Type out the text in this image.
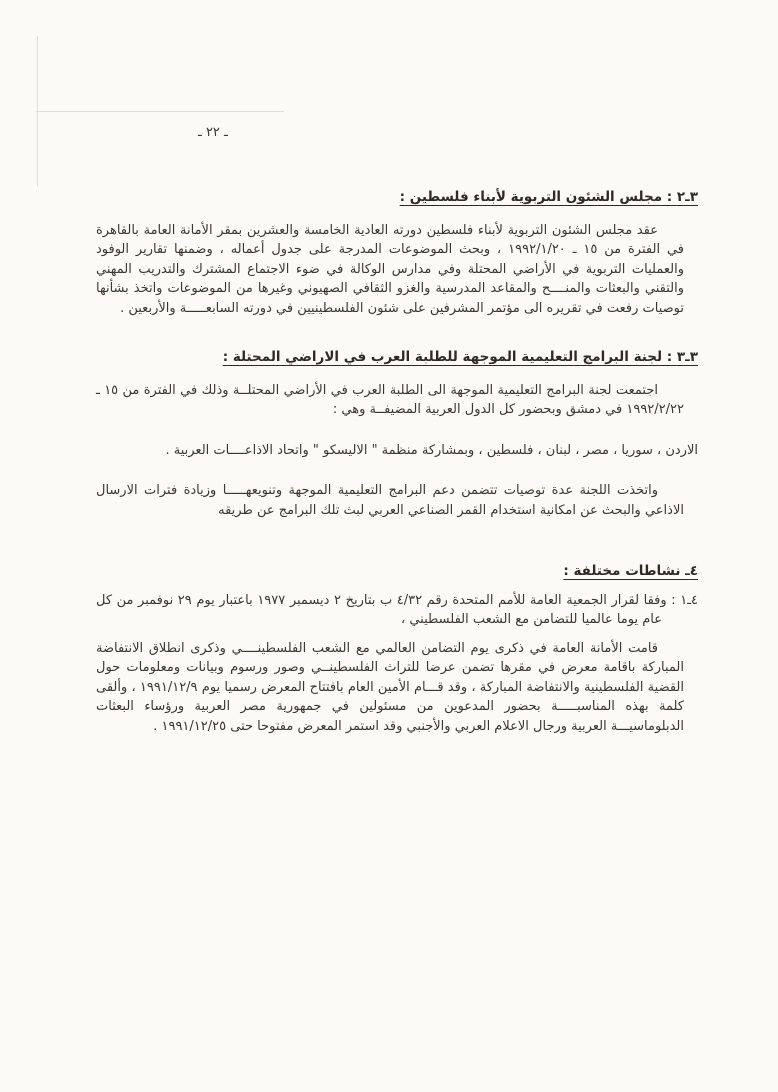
ـ ٢٢ ـ
٣ـ٢ : مجلس الشئون التربوية لأبناء فلسطين :

عقد مجلس الشئون التربوية لأبناء فلسطين دورته العادية الخامسة والعشرين بمقر الأمانة العامة بالقاهرة في الفترة من ١٥ ـ ١٩٩٢/١/٢٠ ، وبحث الموضوعات المدرجة على جدول أعماله ، وضمنها تقارير الوفود والعمليات التربوية في الأراضي المحتلة وفي مدارس الوكالة في ضوء الاجتماع المشترك والتدريب المهني والتقني والبعثات والمنــــح والمقاعد المدرسية والغزو الثقافي الصهيوني وغيرها من الموضوعات واتخذ بشأنها توصيات رفعت في تقريره الى مؤتمر المشرفين على شئون الفلسطينيين في دورته السابعـــــة والأربعين .

٣ـ٣ : لجنة البرامج التعليمية الموجهة للطلبة العرب في الاراضي المحتلة :

اجتمعت لجنة البرامج التعليمية الموجهة الى الطلبة العرب في الأراضي المحتلــة وذلك في الفترة من ١٥ ـ ١٩٩٢/٢/٢٢ في دمشق وبحضور كل الدول العربية المضيفــة وهي :

الاردن ، سوريا ، مصر ، لبنان ، فلسطين ، وبمشاركة منظمة " الاليسكو " واتحاد الاذاعــــات العربية .

واتخذت اللجنة عدة توصيات تتضمن دعم البرامج التعليمية الموجهة وتنويعهـــــا وزيادة فترات الارسال الاذاعي والبحث عن امكانية استخدام القمر الصناعي العربي لبث تلك البرامج عن طريقه

٤ـ نشاطات مختلفة :

٤ـ١ : وفقا لقرار الجمعية العامة للأمم المتحدة رقم ٤/٣٢ ب بتاريخ ٢ ديسمبر ١٩٧٧ باعتبار يوم ٢٩ نوفمبر من كل عام يوما عالميا للتضامن مع الشعب الفلسطيني ،

قامت الأمانة العامة في ذكرى يوم التضامن العالمي مع الشعب الفلسطينــــي وذكرى انطلاق الانتفاضة المباركة باقامة معرض في مقرها تضمن عرضا للتراث الفلسطينــي وصور ورسوم وبيانات ومعلومات حول القضية الفلسطينية والانتفاضة المباركة ، وقد قـــام الأمين العام بافتتاح المعرض رسميا يوم ١٩٩١/١٢/٩ ، وألقى كلمة بهذه المناسبـــــة بحضور المدعوين من مسئولين في جمهورية مصر العربية ورؤساء البعثات الدبلوماسيـــة العربية ورجال الاعلام العربي والأجنبي وقد استمر المعرض مفتوحا حتى ١٩٩١/١٢/٢٥ .
